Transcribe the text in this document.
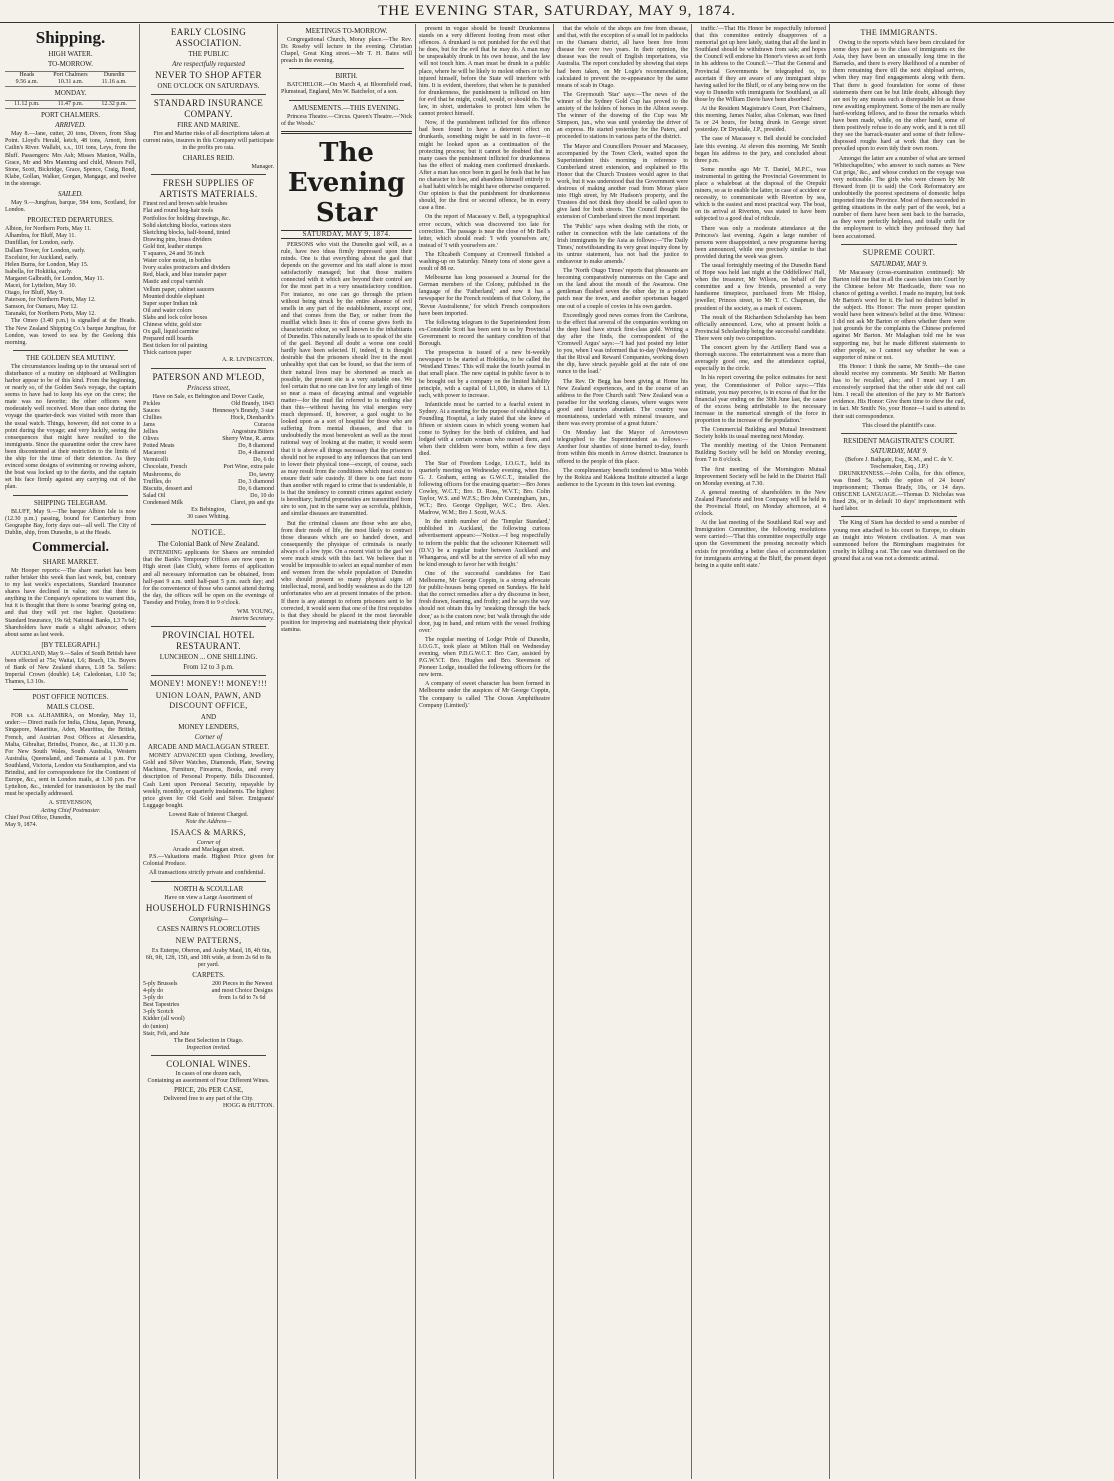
THE EVENING STAR, SATURDAY, MAY 9, 1874.
Shipping.
HIGH WATER.
TO-MORROW.
Heads
9.56 a.m.
Port Chalmers
10.31 a.m.
Dunedin
11.16 a.m.
MONDAY.
11.12 p.m.	11.47 p.m.	12.32 p.m.
PORT CHALMERS.
ARRIVED.

May 8.—Jane, cutter, 20 tons, Divers, from Shag Point. Lloyd's Herald, ketch, 48 tons, Arnott, from Catlin's River. Wallabi, s.s., 101 tons, Leys, from the Bluff. Passengers: Mrs Ash; Misses Manion, Wallis, Grace, Mr and Mrs Manning and child, Messrs Fell, Stone, Scott, Bickridge, Grace, Spence, Craig, Bond, Klabe, Gollan, Walker, Gorgan, Mangage, and twelve in the steerage.

SAILED.

May 9.—Jungfrau, barque, 584 tons, Scotland, for London.

PROJECTED DEPARTURES.
Albion, for Northern Ports, May 11.
Alhambra, for Bluff, May 11.
Dunfillan, for London, early.
Dallam Tower, for London, early.
Excelsior, for Auckland, early.
Helen Burns, for London, May 15.
Isabella, for Hokitika, early.
Margaret Galbraith, for London, May 11.
Macei, for Lyttelton, May 10.
Otago, for Bluff, May 9.
Paterson, for Northern Ports, May 12.
Samson, for Oamaru, May 12.
Taranaki, for Northern Ports, May 12.

The Omeo (3.40 p.m.) is signalled at the Heads. The New Zealand Shipping Co.'s barque Jungfrau, for London, was towed to sea by the Geelong this morning.

THE GOLDEN SEA MUTINY.

The circumstances leading up to the unusual sort of disturbance of a mutiny on shipboard at Wellington harbor appear to be of this kind. From the beginning, or nearly so, of the Golden Sea's voyage, the captain seems to have had to keep his eye on the crew; the mate was no favorite; the other officers were moderately well received. More than once during the voyage the quarter-deck was visited with more than the usual watch. Things, however, did not come to a point during the voyage; and very luckily, seeing the consequences that might have resulted to the immigrants. Since the quarantine order the crew have been discontented at their restriction to the limits of the ship for the time of their detention. As they evinced some designs of swimming or rowing ashore, the boat was locked up to the davits, and the captain set his face firmly against any carrying out of the plan.

SHIPPING TELEGRAM.

BLUFF, May 9.—The barque Albion Isle is now (12.30 p.m.) passing, bound for Canterbury from Geographe Bay, forty days out—all well. The City of Dublin, ship, from Dunedin, is at the Heads.

Commercial.
SHARE MARKET.

Mr Hooper reports:—The share market has been rather brisker this week than last week, but, contrary to my last week's expectations, Standard Insurance shares have declined in value; not that there is anything in the Company's operations to warrant this, but it is thought that there is some 'bearing' going on, and that they will yet rise higher. Quotations: Standard Insurance, 19s 6d; National Banks, L3 7s 6d; Shareholders have made a slight advance; others about same as last week.

[BY TELEGRAPH.]

AUCKLAND, May 9.—Sales of South British have been effected at 75s; Waitai, L6; Beach, 13s. Buyers of Bank of New Zealand shares, L18 5s. Sellers: Imperial Crown (double) L4; Caledonian, L10 5s; Thames, L3 10s.

POST OFFICE NOTICES.
MAILS CLOSE.

FOR s.s. ALHAMBRA, on Monday, May 11, under:— Direct mails for India, China, Japan, Penang, Singapore, Mauritius, Aden, Mauritius, the British, French, and Austrian Post Offices at Alexandria, Malta, Gibraltar, Brindisi, France, &c., at 11.30 p.m. For New South Wales, South Australia, Western Australia, Queensland, and Tasmania at 1 p.m. For Southland, Victoria, London via Southampton, and via Brindisi, and for correspondence for the Continent of Europe, &c., sent in London mails, at 1.30 p.m. For Lyttelton, &c., intended for transmission by the mail must be specially addressed.

A. STEVENSON,
Acting Chief Postmaster.
Chief Post Office, Dunedin,
May 9, 1874.
EARLY CLOSING ASSOCIATION.
THE PUBLIC
Are respectfully requested
NEVER TO SHOP AFTER
ONE O'CLOCK ON SATURDAYS.
STANDARD INSURANCE COMPANY.
FIRE AND MARINE.

Fire and Marine risks of all descriptions taken at current rates, insurers in this Company will participate in the profits pro rata.

CHARLES REID.
Manager.
FRESH SUPPLIES OF ARTISTS MATERIALS.
Finest red and brown sable brushes
Flat and round hog-hair tools
Portfolios for holding drawings, &c.
Solid sketching blocks, various sizes
Sketching blocks, half-bound, tinted
Drawing pins, brass dividers
Gold tint, leather stumps
T squares, 24 and 36 inch
Water color moist, in bottles
Ivory scales protractors and dividers
Red, black, and blue transfer paper
Mastic and copal varnish
Vellum paper, cabinet saucers
Mounted double elephant
Super super Indian ink
Oil and water colors
Slabs and lock color boxes
Chinese white, gold size
Ox gall, liquid carmine
Prepared mill boards
Best ticken for oil painting
Thick cartoon paper
A. R. LIVINGSTON.
PATERSON AND M'LEOD,
Princess street,
Have on Sale, ex Bebington and Dover Castle,
Pickles	Old Brandy, 1843
Sauces	Hennessy's Brandy, 3 star
Chillies	Hock, Dienhardt's
Jams	Curacoa
Jellies	Angostura Bitters
Olives	Sherry Wine, R. arms
Potted Meats	Do, 8 diamond
Macaroni	Do, 4 diamond
Vermicelli	Do, 6 do
Chocolate, French	Port Wine, extra pale
Mushrooms, do	Do, tawny
Truffles, do	Do, 3 diamond
Biscuits, dessert and	Do, 6 diamond
Salad Oil	Do, 10 do
Condensed Milk	Claret, pts and qts
Ex Bebington,
30 cases Whiting.
NOTICE.
The Colonial Bank of New Zealand.

INTENDING applicants for Shares are reminded that the Bank's Temporary Offices are now open in High street (late Club), where forms of application and all necessary information can be obtained, from half-past 9 a.m. until half-past 5 p.m. each day; and for the convenience of those who cannot attend during the day, the offices will be open on the evenings of Tuesday and Friday, from 8 to 9 o'clock.

WM. YOUNG,
Interim Secretary.
PROVINCIAL HOTEL RESTAURANT.
LUNCHEON ... ONE SHILLING.
From 12 to 3 p.m.
MONEY! MONEY!! MONEY!!!
UNION LOAN, PAWN, AND DISCOUNT OFFICE,
AND
MONEY LENDERS,
Corner of
ARCADE AND MACLAGGAN STREET.

MONEY ADVANCED upon Clothing, Jewellery, Gold and Silver Watches, Diamonds, Plate, Sewing Machines, Furniture, Firearms, Books, and every description of Personal Property. Bills Discounted. Cash Lent upon Personal Security, repayable by weekly, monthly, or quarterly instalments. The highest price given for Old Gold and Silver. Emigrants' Luggage bought.

Lowest Rate of Interest Charged.
Note the Address—
ISAACS & MARKS,
Corner of
Arcade and Maclaggan street.

P.S.—Valuations made. Highest Price given for Colonial Produce.

All transactions strictly private and confidential.

NORTH & SCOULLAR
Have on view a Large Assortment of
HOUSEHOLD FURNISHINGS
Comprising—
CASES NAIRN'S FLOORCLOTHS
NEW PATTERNS,

Ex Euterpe, Oberon, and Araby Maid, 18, 4ft 6in, 6ft, 9ft, 12ft, 15ft, and 18ft wide, at from 2s 6d to 8s per yard.

CARPETS.
5-ply Brussels
4-ply do
3-ply do
Best Tapestries
3-ply Scotch
Kidder (all wool)
do (union)
Stair, Felt, and Jute
200 Pieces in the Newest and most Choice Designs from 1s 6d to 7s 6d
The Best Selection in Otago.
Inspection invited.
COLONIAL WINES.
In cases of one dozen each,
Containing an assortment of Four Different Wines.
PRICE, 20s PER CASE,
Delivered free to any part of the City.
HOGG & HUTTON.
MEETINGS TO-MORROW.

Congregational Church, Moray place.—The Rev. Dr. Roseby will lecture in the evening. Christian Chapel, Great King street.—Mr T. H. Bates will preach in the evening.

BIRTH.

BATCHELOR.—On March 4, at Bloomfield road, Plumstead, England, Mrs W. Batchelor, of a son.

AMUSEMENTS.—THIS EVENING.

Princess Theatre.—Circus. Queen's Theatre.—'Nick of the Woods.'

The Evening Star
SATURDAY, MAY 9, 1874.

PERSONS who visit the Dunedin gaol will, as a rule, have two ideas firmly impressed upon their minds. One is that everything about the gaol that depends on the governor and his staff alone is most satisfactorily managed; but that those matters connected with it which are beyond their control are for the most part in a very unsatisfactory condition. For instance, no one can go through the prison without being struck by the entire absence of evil smells in any part of the establishment, except one, and that comes from the Bay, or rather from the mudflat which lines it: this of course gives forth its characteristic odour, so well known to the inhabitants of Dunedin. This naturally leads us to speak of the site of the gaol. Beyond all doubt a worse one could hardly have been selected. If, indeed, it is thought desirable that the prisoners should live in the most unhealthy spot that can be found, so that the term of their natural lives may be shortened as much as possible, the present site is a very suitable one. We feel certain that no one can live for any length of time so near a mass of decaying animal and vegetable matter—for the mud flat referred to is nothing else than this—without having his vital energies very much depressed. If, however, a gaol ought to be looked upon as a sort of hospital for those who are suffering from mental diseases, and that is undoubtedly the most benevolent as well as the most rational way of looking at the matter, it would seem that it is above all things necessary that the prisoners should not be exposed to any influences that can tend to lower their physical tone—except, of course, such as may result from the conditions which must exist to ensure their safe custody. If there is one fact more than another with regard to crime that is undeniable, it is that the tendency to commit crimes against society is hereditary; hurtful propensities are transmitted from sire to son, just in the same way as scrofula, phthisis, and similar diseases are transmitted.

But the criminal classes are those who are also, from their mode of life, the most likely to contract those diseases which are so handed down, and consequently the physique of criminals is nearly always of a low type. On a recent visit to the gaol we were much struck with this fact. We believe that it would be impossible to select an equal number of men and women from the whole population of Dunedin who should present so many physical signs of intellectual, moral, and bodily weakness as do the 120 unfortunates who are at present inmates of the prison. If there is any attempt to reform prisoners sent to be corrected, it would seem that one of the first requisites is that they should be placed in the most favorable position for improving and maintaining their physical stamina.

present in vogue should be found! Drunkenness stands on a very different footing from most other offences. A drunkard is not punished for the evil that he does, but for the evil that he may do. A man may be unspeakably drunk in his own house, and the law will not touch him. A man must be drunk in a public place, where he will be likely to molest others or to be injured himself, before the State will interfere with him. It is evident, therefore, that when he is punished for drunkenness, the punishment is inflicted on him for evil that he might, could, would, or should do. The law, in short, undertakes to protect him when he cannot protect himself.

Now, if the punishment inflicted for this offence had been found to have a deterrent effect on drunkards, something might be said in its favor—it might be looked upon as a continuation of the protecting process; but it cannot be doubted that in many cases the punishment inflicted for drunkenness has the effect of making men confirmed drunkards. After a man has once been in gaol he feels that he has no character to lose, and abandons himself entirely to a bad habit which he might have otherwise conquered. Our opinion is that the punishment for drunkenness should, for the first or second offence, be in every case a fine.

On the report of Macassey v. Bell, a typographical error occurs, which was discovered too late for correction. The passage is near the close of Mr Bell's letter, which should read: 'I with yourselves are,' instead of 'I with yourselves are.'

The Elizabeth Company at Cromwell finished a washing-up on Saturday. Ninety tons of stone gave a result of 88 oz.

Melbourne has long possessed a Journal for the German members of the Colony, published in the language of the 'Fatherland,' and now it has a newspaper for the French residents of that Colony, the 'Revue Australienne,' for which French compositors have been imported.

The following telegram to the Superintendent from ex-Constable Scott has been sent to us by Provincial Government to record the sanitary condition of that Borough.

The prospectus is issued of a new bi-weekly newspaper to be started at Hokitika, to be called the 'Westland Times.' This will make the fourth journal in that small place. The new capital in public favor is to be brought out by a company on the limited liability principle, with a capital of L1,000, in shares of L1 each, with power to increase.

Infanticide must be carried to a fearful extent in Sydney. At a meeting for the purpose of establishing a Foundling Hospital, a lady stated that she knew of fifteen or sixteen cases in which young women had come to Sydney for the birth of children, and had lodged with a certain woman who nursed them, and when their children were born, within a few days died.

The Star of Freedom Lodge, I.O.G.T., held its quarterly meeting on Wednesday evening, when Bro. G. J. Graham, acting as G.W.C.T., installed the following officers for the ensuing quarter:—Bro Jones Cowley, W.C.T.; Bro. D. Ross, W.V.T.; Bro. Colin Taylor, W.S. and W.F.S.; Bro John Cunningham, jun., W.T.; Bro. George Oppliger, W.C.; Bro. Alex. Madrow, W.M.; Bro J. Scott, W.A.S.

In the ninth number of the 'Templar Standard,' published in Auckland, the following curious advertisement appears:—'Notice.—I beg respectfully to inform the public that the schooner Kiteemett will (D.V.) be a regular trader between Auckland and Whangaroa, and will be at the service of all who may be kind enough to favor her with freight.'

One of the successful candidates for East Melbourne, Mr George Coppin, is a strong advocate for public-houses being opened on Sundays. He held that the correct remedies after a dry discourse in beer, fresh drawn, foaming, and frothy; and he says the way should not obtain this by 'sneaking through the back door,' as is the custom now; but 'walk through the side door, jug in hand, and return with the vessel frothing over.'

The regular meeting of Lodge Pride of Dunedin, I.O.G.T., took place at Milton Hall on Wednesday evening, when P.D.G.W.C.T. Bro Carr, assisted by P.G.W.V.T. Bro. Hughes and Bro. Stevenson of Pioneer Lodge, installed the following officers for the new term.

A company of sweet character has been formed in Melbourne under the auspices of Mr George Coppin, The company is called 'The Ocean Amphitheatre Company (Limited).'

that the whole of the shops are free from disease, and that, with the exception of a small lot in paddocks on the Oamaru district, all have been free from disease for over two years. In their opinion, the disease was the result of English importations, via Australia. The report concluded by showing that steps had been taken, on Mr Logie's recommendation, calculated to prevent the re-appearance by the same means of scab in Otago.

The Greymouth 'Star' says:—The news of the winner of the Sydney Gold Cup has proved to the anxiety of the holders of horses in the Albion sweep. The winner of the drawing of the Cup was Mr Simpson, jun., who was until yesterday the driver of an express. He started yesterday for the Paters, and proceeded to stations in various parts of the district.

The Mayor and Councillors Prosser and Macassey, accompanied by the Town Clerk, waited upon the Superintendent this morning in reference to Cumberland street extension, and explained to His Honor that the Church Trustees would agree to that work, but it was understood that the Government were desirous of making another road from Moray place into High street, by Mr Hudson's property, and the Trustees did not think they should be called upon to give land for both streets. The Council thought the extension of Cumberland street the most important.

The 'Public' says when dealing with the riots, or rather in connection with the late cantations of the Irish immigrants by the Asia as follows:—'The Daily Times,' notwithstanding its very great inquiry done by its untrue statement, has not had the justice to endeavour to make amends.'

The 'North Otago Times' reports that pheasants are becoming comparatively numerous on the Cape and on the land about the mouth of the Awamoa. One gentleman flushed seven the other day in a potato patch near the town, and another sportsman bagged one out of a couple of covies in his own garden.

Exceedingly good news comes from the Cardrona, to the effect that several of the companies working on the deep lead have struck first-class gold. Writing a day after the finds, the correspondent of the 'Cromwell Argus' says:—'I had just posted my letter to you, when I was informed that to-day (Wednesday) that the Rival and Reward Companies, working down the dip, have struck payable gold at the rate of one ounce to the load.'

The Rev. Dr Begg has been giving at Home his New Zealand experiences, and in the course of an address to the Free Church said: 'New Zealand was a paradise for the working classes, where wages were good and luxuries abundant. The country was mountainous, underlaid with mineral treasure, and there was every promise of a great future.'

On Monday last the Mayor of Arrowtown telegraphed to the Superintendent as follows:—Another four shanties of stone burned to-day, fourth from within this month in Arrow district. Insurance is offered to the people of this place.

The complimentary benefit tendered to Miss Webb by the Rokiza and Kakkona Institute attracted a large audience to the Lyceum in this town last evening.

traffic.'—That His Honor be respectfully informed that this committee entirely disapproves of a memorial got up here lately, stating that all the land in Southland should be withdrawn from sale; and hopes the Council will endorse his Honor's views as set forth in his address to the Council.'—'That the General and Provincial Governments be telegraphed to, to ascertain if they are aware of any immigrant ships having sailed for the Bluff, or of any being now on the way to Dunedin with immigrants for Southland, as all those by the William Davie have been absorbed.'

At the Resident Magistrate's Court, Port Chalmers, this morning, James Nailor, alias Coleman, was fined 5s or 24 hours, for being drunk in George street yesterday. Dr Drysdale, J.P., presided.

The case of Macassey v. Bell should be concluded late this evening. At eleven this morning, Mr Smith began his address to the jury, and concluded about three p.m.

Some months ago Mr T. Daniel, M.P.C., was instrumental in getting the Provincial Government to place a whaleboat at the disposal of the Orepuki miners, so as to enable the latter, in case of accident or necessity, to communicate with Riverton by sea, which is the easiest and most practical way. The boat, on its arrival at Riverton, was stated to have been subjected to a good deal of ridicule.

There was only a moderate attendance at the Princess's last evening. Again a large number of persons were disappointed, a new programme having been announced, while one precisely similar to that provided during the week was given.

The usual fortnightly meeting of the Dunedin Band of Hope was held last night at the Oddfellows' Hall, when the treasurer, Mr Wilson, on behalf of the committee and a few friends, presented a very handsome timepiece, purchased from Mr Hislop, jeweller, Princes street, to Mr T. C. Chapman, the president of the society, as a mark of esteem.

The result of the Richardson Scholarship has been officially announced. Low, who at present holds a Provincial Scholarship being the successful candidate. There were only two competitors.

The concert given by the Artillery Band was a thorough success. The entertainment was a more than averagely good one, and the attendance capital, especially in the circle.

In his report covering the police estimates for next year, the Commissioner of Police says:—'This estimate, you may perceive, is in excess of that for the financial year ending on the 30th June last, the cause of the excess being attributable to the necessary increase in the numerical strength of the force in proportion to the increase of the population.'

The Commercial Building and Mutual Investment Society holds its usual meeting next Monday.

The monthly meeting of the Union Permanent Building Society will be held on Monday evening, from 7 to 8 o'clock.

The first meeting of the Mornington Mutual Improvement Society will be held in the District Hall on Monday evening, at 7.30.

A general meeting of shareholders in the New Zealand Pianoforte and Iron Company will be held in the Provincial Hotel, on Monday afternoon, at 4 o'clock.

At the last meeting of the Southland Rail way and Immigration Committee, the following resolutions were carried:—'That this committee respectfully urge upon the Government the pressing necessity which exists for providing a better class of accommodation for immigrants arriving at the Bluff, the present depot being in a quite unfit state.'

THE IMMIGRANTS.

Owing to the reports which have been circulated for some days past as to the class of immigrants ex the Asia, they have been an unusually long time in the Barracks, and there is every likelihood of a number of them remaining there till the next shipload arrives, when they may find engagements along with them. That there is good foundation for some of these statements there can be but little doubt, although they are not by any means such a disreputable lot as those now awaiting employment. Some of the men are really hard-working fellows, and to those the remarks which have been made, while, on the other hand, some of them positively refuse to do any work, and it is not till they see the barrack-master and some of their fellow-dispossed roughs hard at work that they can be prevailed upon to even tidy their own room.

Amongst the latter are a number of what are termed 'Whitechapelites,' who answer to such names as 'New Cut prigs,' &c., and whose conduct on the voyage was very noticeable. The girls who were chosen by Mr Howard from (it is said) the Cork Reformatory are undoubtedly the poorest specimens of domestic helps imported into the Province. Most of them succeeded in getting situations in the early part of the week, but a number of them have been sent back to the barracks, as they were perfectly helpless, and totally unfit for the employment to which they professed they had been accustomed.

SUPREME COURT.
SATURDAY, MAY 9.

Mr Macassey (cross-examination continued): Mr Barton told me that in all the cases taken into Court by the Chinese before Mr Hardcastle, there was no chance of getting a verdict. I made no inquiry, but took Mr Barton's word for it. He had no distinct belief in the subject. His Honor: The more proper question would have been witness's belief at the time. Witness: I did not ask Mr Barton or others whether there were just grounds for the complaints the Chinese preferred against Mr Barton. Mr Malaghan told me he was supporting me, but he made different statements to other people, so I cannot say whether he was a supporter of mine or not.

His Honor: I think the same, Mr Smith—the case should receive my comments. Mr Smith: Mr Barton has to be recalled, also; and I must say I am excessively surprised that the other side did not call him. I recall the attention of the jury to Mr Barton's evidence. His Honor: Give them time to chew the cud, in fact. Mr Smith: No, your Honor—I said to attend to their suit correspondence.

This closed the plaintiff's case.
RESIDENT MAGISTRATE'S COURT.
SATURDAY, MAY 9.
(Before J. Bathgate, Esq., R.M., and C. de V. Teschemaker, Esq., J.P.)

DRUNKENNESS.—John Collis, for this offence, was fined 5s, with the option of 24 hours' imprisonment; Thomas Brady, 10s, or 14 days. OBSCENE LANGUAGE.—Thomas D. Nicholas was fined 20s, or in default 10 days' imprisonment with hard labor.

The King of Siam has decided to send a number of young men attached to his court to Europe, to obtain an insight into Western civilisation. A man was summoned before the Birmingham magistrates for cruelty in killing a rat. The case was dismissed on the ground that a rat was not a domestic animal.
